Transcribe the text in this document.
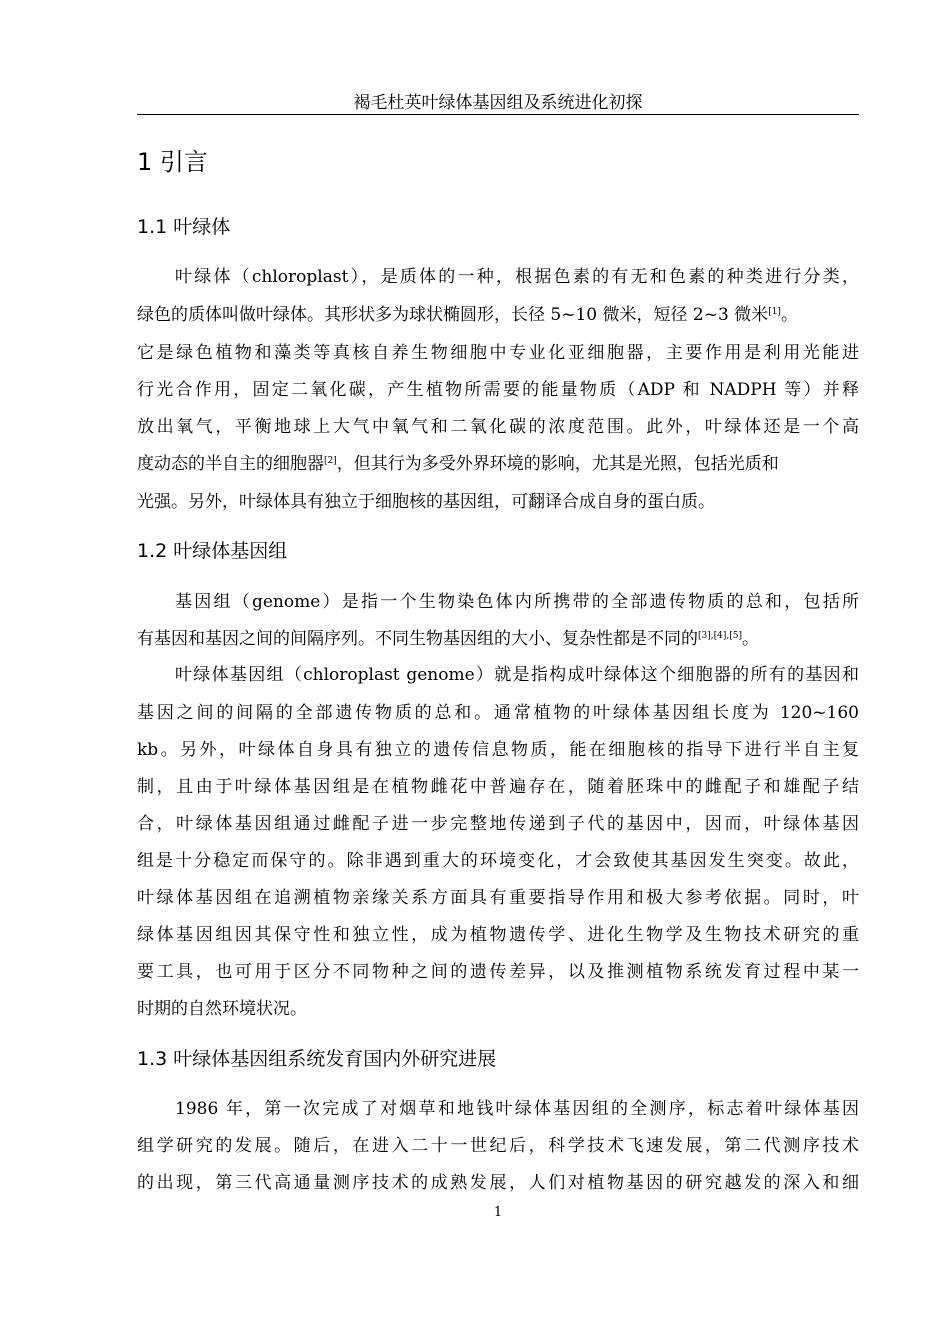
褐毛杜英叶绿体基因组及系统进化初探
1 引言
1.1 叶绿体
叶绿体（chloroplast），是质体的一种，根据色素的有无和色素的种类进行分类，
绿色的质体叫做叶绿体。其形状多为球状椭圆形，长径 5~10 微米，短径 2~3 微米[1]。
它是绿色植物和藻类等真核自养生物细胞中专业化亚细胞器，主要作用是利用光能进
行光合作用，固定二氧化碳，产生植物所需要的能量物质（ADP 和 NADPH 等）并释
放出氧气，平衡地球上大气中氧气和二氧化碳的浓度范围。此外，叶绿体还是一个高
度动态的半自主的细胞器[2]，但其行为多受外界环境的影响，尤其是光照，包括光质和
光强。另外，叶绿体具有独立于细胞核的基因组，可翻译合成自身的蛋白质。
1.2 叶绿体基因组
基因组（genome）是指一个生物染色体内所携带的全部遗传物质的总和，包括所
有基因和基因之间的间隔序列。不同生物基因组的大小、复杂性都是不同的[3],[4],[5]。
叶绿体基因组（chloroplast genome）就是指构成叶绿体这个细胞器的所有的基因和
基因之间的间隔的全部遗传物质的总和。通常植物的叶绿体基因组长度为 120~160
kb。另外，叶绿体自身具有独立的遗传信息物质，能在细胞核的指导下进行半自主复
制，且由于叶绿体基因组是在植物雌花中普遍存在，随着胚珠中的雌配子和雄配子结
合，叶绿体基因组通过雌配子进一步完整地传递到子代的基因中，因而，叶绿体基因
组是十分稳定而保守的。除非遇到重大的环境变化，才会致使其基因发生突变。故此，
叶绿体基因组在追溯植物亲缘关系方面具有重要指导作用和极大参考依据。同时，叶
绿体基因组因其保守性和独立性，成为植物遗传学、进化生物学及生物技术研究的重
要工具，也可用于区分不同物种之间的遗传差异，以及推测植物系统发育过程中某一
时期的自然环境状况。
1.3 叶绿体基因组系统发育国内外研究进展
1986 年，第一次完成了对烟草和地钱叶绿体基因组的全测序，标志着叶绿体基因
组学研究的发展。随后，在进入二十一世纪后，科学技术飞速发展，第二代测序技术
的出现，第三代高通量测序技术的成熟发展，人们对植物基因的研究越发的深入和细
1
